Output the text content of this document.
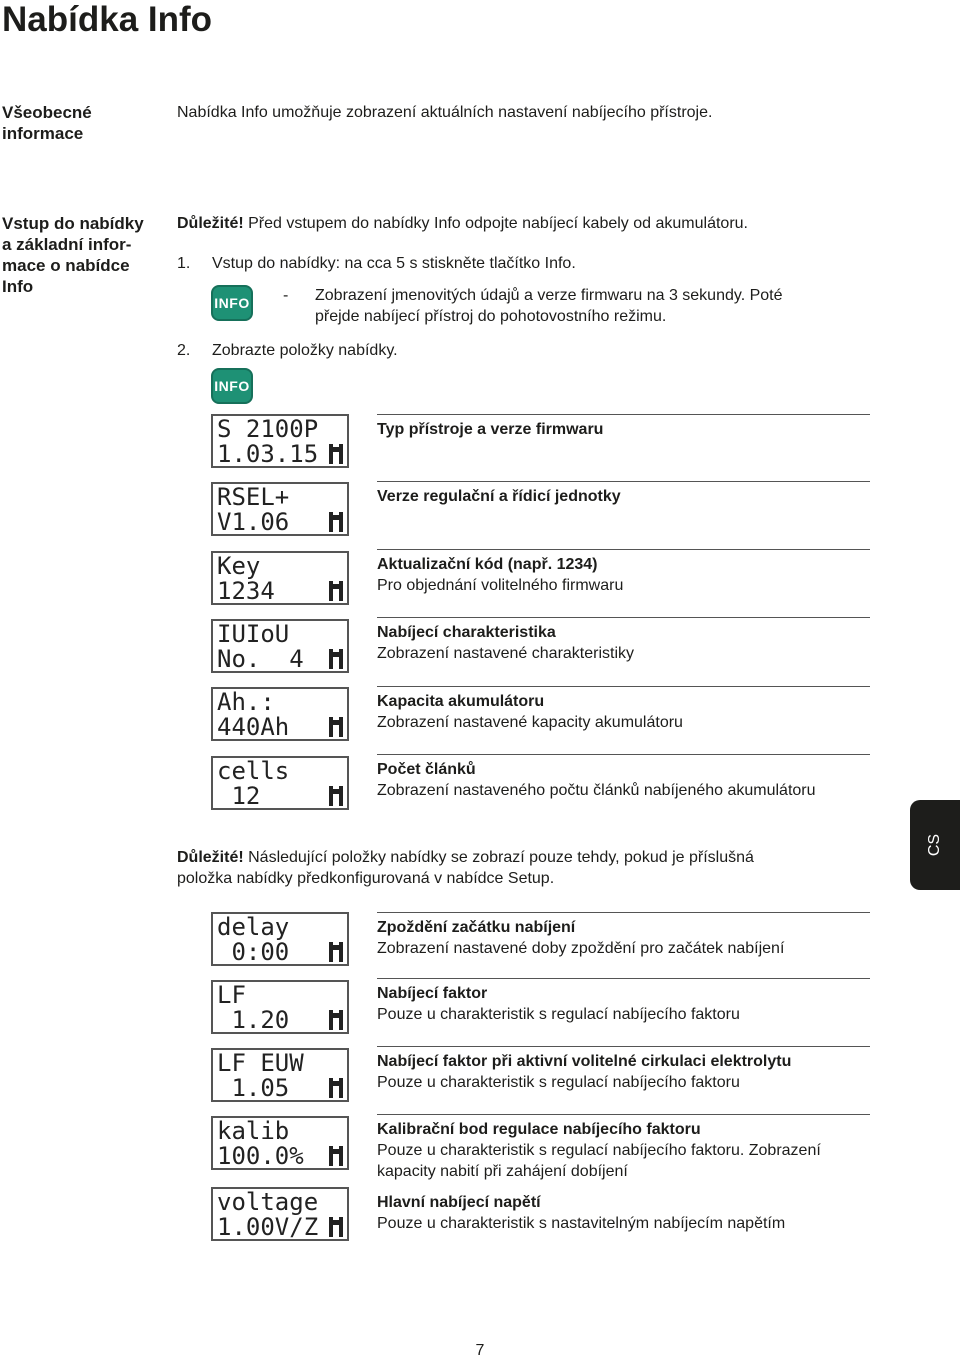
Nabídka Info
Všeobecné
informace
Nabídka Info umožňuje zobrazení aktuálních nastavení nabíjecího přístroje.
Vstup do nabídky
a základní infor-
mace o nabídce
Info
Důležité! Před vstupem do nabídky Info odpojte nabíjecí kabely od akumulátoru.
1.	Vstup do nabídky: na cca 5 s stiskněte tlačítko Info.
INFO - Zobrazení jmenovitých údajů a verze firmwaru na 3 sekundy. Poté
přejde nabíjecí přístroj do pohotovostního režimu.
2.	Zobrazte položky nabídky.
INFO
S 2100P
1.03.15
Typ přístroje a verze firmwaru
RSEL+
V1.06
Verze regulační a řídicí jednotky
Key
1234
Aktualizační kód (např. 1234)
Pro objednání volitelného firmwaru
IUIoU
No.  4
Nabíjecí charakteristika
Zobrazení nastavené charakteristiky
Ah.:
440Ah
Kapacita akumulátoru
Zobrazení nastavené kapacity akumulátoru
cells
12
Počet článků
Zobrazení nastaveného počtu článků nabíjeného akumulátoru
Důležité! Následující položky nabídky se zobrazí pouze tehdy, pokud je příslušná
položka nabídky předkonfigurovaná v nabídce Setup.
delay
0:00
Zpoždění začátku nabíjení
Zobrazení nastavené doby zpoždění pro začátek nabíjení
LF
1.20
Nabíjecí faktor
Pouze u charakteristik s regulací nabíjecího faktoru
LF EUW
1.05
Nabíjecí faktor při aktivní volitelné cirkulaci elektrolytu
Pouze u charakteristik s regulací nabíjecího faktoru
kalib
100.0%
Kalibrační bod regulace nabíjecího faktoru
Pouze u charakteristik s regulací nabíjecího faktoru. Zobrazení kapacity nabití při zahájení dobíjení
voltage
1.00V/Z
Hlavní nabíjecí napětí
Pouze u charakteristik s nastavitelným nabíjecím napětím
CS
7
